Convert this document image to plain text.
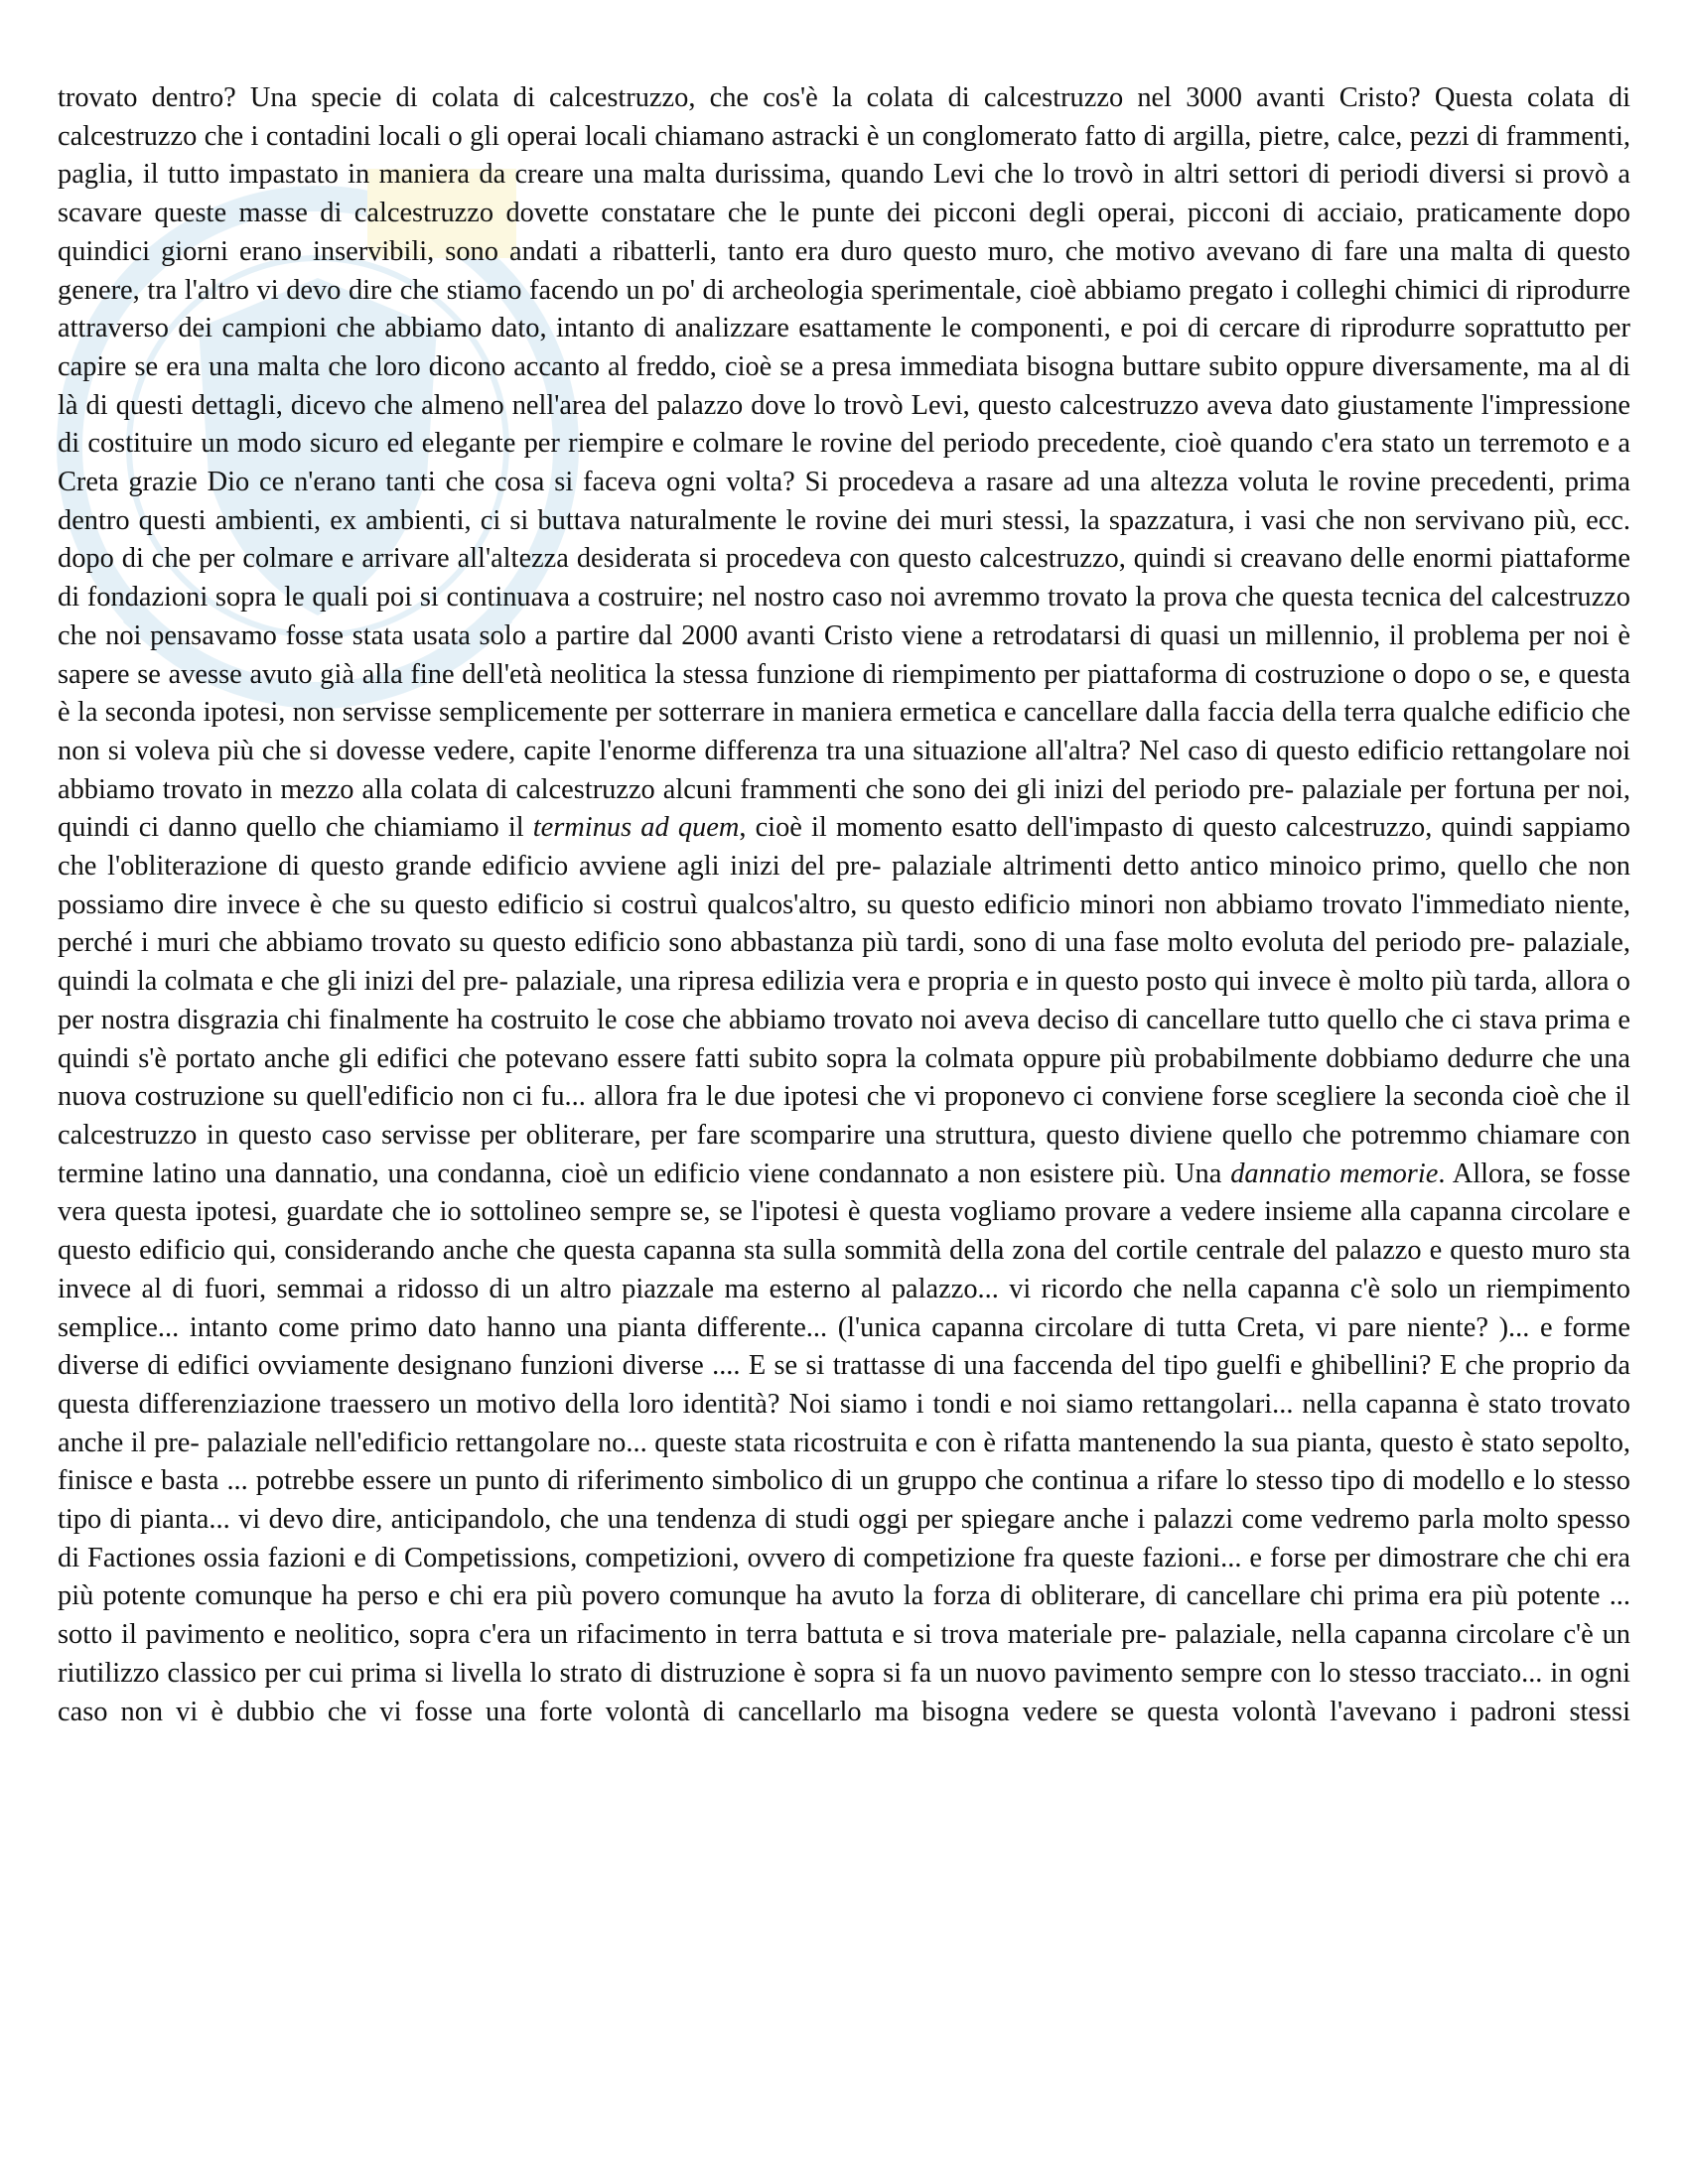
trovato dentro? Una specie di colata di calcestruzzo, che cos'è la colata di calcestruzzo nel 3000 avanti Cristo? Questa colata di calcestruzzo che i contadini locali o gli operai locali chiamano astracki è un conglomerato fatto di argilla, pietre, calce, pezzi di frammenti, paglia, il tutto impastato in maniera da creare una malta durissima, quando Levi che lo trovò in altri settori di periodi diversi si provò a scavare queste masse di calcestruzzo dovette constatare che le punte dei picconi degli operai, picconi di acciaio, praticamente dopo quindici giorni erano inservibili, sono andati a ribatterli, tanto era duro questo muro, che motivo avevano di fare una malta di questo genere, tra l'altro vi devo dire che stiamo facendo un po' di archeologia sperimentale, cioè abbiamo pregato i colleghi chimici di riprodurre attraverso dei campioni che abbiamo dato, intanto di analizzare esattamente le componenti, e poi di cercare di riprodurre soprattutto per capire se era una malta che loro dicono accanto al freddo, cioè se a presa immediata bisogna buttare subito oppure diversamente, ma al di là di questi dettagli, dicevo che almeno nell'area del palazzo dove lo trovò Levi, questo calcestruzzo aveva dato giustamente l'impressione di costituire un modo sicuro ed elegante per riempire e colmare le rovine del periodo precedente, cioè quando c'era stato un terremoto e a Creta grazie Dio ce n'erano tanti che cosa si faceva ogni volta? Si procedeva a rasare ad una altezza voluta le rovine precedenti, prima dentro questi ambienti, ex ambienti, ci si buttava naturalmente le rovine dei muri stessi, la spazzatura, i vasi che non servivano più, ecc. dopo di che per colmare e arrivare all'altezza desiderata si procedeva con questo calcestruzzo, quindi si creavano delle enormi piattaforme di fondazioni sopra le quali poi si continuava a costruire; nel nostro caso noi avremmo trovato la prova che questa tecnica del calcestruzzo che noi pensavamo fosse stata usata solo a partire dal 2000 avanti Cristo viene a retrodatarsi di quasi un millennio, il problema per noi è sapere se avesse avuto già alla fine dell'età neolitica la stessa funzione di riempimento per piattaforma di costruzione o dopo o se, e questa è la seconda ipotesi, non servisse semplicemente per sotterrare in maniera ermetica e cancellare dalla faccia della terra qualche edificio che non si voleva più che si dovesse vedere, capite l'enorme differenza tra una situazione all'altra? Nel caso di questo edificio rettangolare noi abbiamo trovato in mezzo alla colata di calcestruzzo alcuni frammenti che sono dei gli inizi del periodo pre- palaziale per fortuna per noi, quindi ci danno quello che chiamiamo il terminus ad quem, cioè il momento esatto dell'impasto di questo calcestruzzo, quindi sappiamo che l'obliterazione di questo grande edificio avviene agli inizi del pre- palaziale altrimenti detto antico minoico primo, quello che non possiamo dire invece è che su questo edificio si costruì qualcos'altro, su questo edificio minori non abbiamo trovato l'immediato niente, perché i muri che abbiamo trovato su questo edificio sono abbastanza più tardi, sono di una fase molto evoluta del periodo pre- palaziale, quindi la colmata e che gli inizi del pre- palaziale, una ripresa edilizia vera e propria e in questo posto qui invece è molto più tarda, allora o per nostra disgrazia chi finalmente ha costruito le cose che abbiamo trovato noi aveva deciso di cancellare tutto quello che ci stava prima e quindi s'è portato anche gli edifici che potevano essere fatti subito sopra la colmata oppure più probabilmente dobbiamo dedurre che una nuova costruzione su quell'edificio non ci fu... allora fra le due ipotesi che vi proponevo ci conviene forse scegliere la seconda cioè che il calcestruzzo in questo caso servisse per obliterare, per fare scomparire una struttura, questo diviene quello che potremmo chiamare con termine latino una dannatio, una condanna, cioè un edificio viene condannato a non esistere più. Una dannatio memorie. Allora, se fosse vera questa ipotesi, guardate che io sottolineo sempre se, se l'ipotesi è questa vogliamo provare a vedere insieme alla capanna circolare e questo edificio qui, considerando anche che questa capanna sta sulla sommità della zona del cortile centrale del palazzo e questo muro sta invece al di fuori, semmai a ridosso di un altro piazzale ma esterno al palazzo... vi ricordo che nella capanna c'è solo un riempimento semplice... intanto come primo dato hanno una pianta differente... (l'unica capanna circolare di tutta Creta, vi pare niente? )... e forme diverse di edifici ovviamente designano funzioni diverse .... E se si trattasse di una faccenda del tipo guelfi e ghibellini? E che proprio da questa differenziazione traessero un motivo della loro identità? Noi siamo i tondi e noi siamo rettangolari... nella capanna è stato trovato anche il pre- palaziale nell'edificio rettangolare no... queste stata ricostruita e con è rifatta mantenendo la sua pianta, questo è stato sepolto, finisce e basta ... potrebbe essere un punto di riferimento simbolico di un gruppo che continua a rifare lo stesso tipo di modello e lo stesso tipo di pianta... vi devo dire, anticipandolo, che una tendenza di studi oggi per spiegare anche i palazzi come vedremo parla molto spesso di Factiones ossia fazioni e di Competissions, competizioni, ovvero di competizione fra queste fazioni... e forse per dimostrare che chi era più potente comunque ha perso e chi era più povero comunque ha avuto la forza di obliterare, di cancellare chi prima era più potente ... sotto il pavimento e neolitico, sopra c'era un rifacimento in terra battuta e si trova materiale pre- palaziale, nella capanna circolare c'è un riutilizzo classico per cui prima si livella lo strato di distruzione è sopra si fa un nuovo pavimento sempre con lo stesso tracciato... in ogni caso non vi è dubbio che vi fosse una forte volontà di cancellarlo ma bisogna vedere se questa volontà l'avevano i padroni stessi
